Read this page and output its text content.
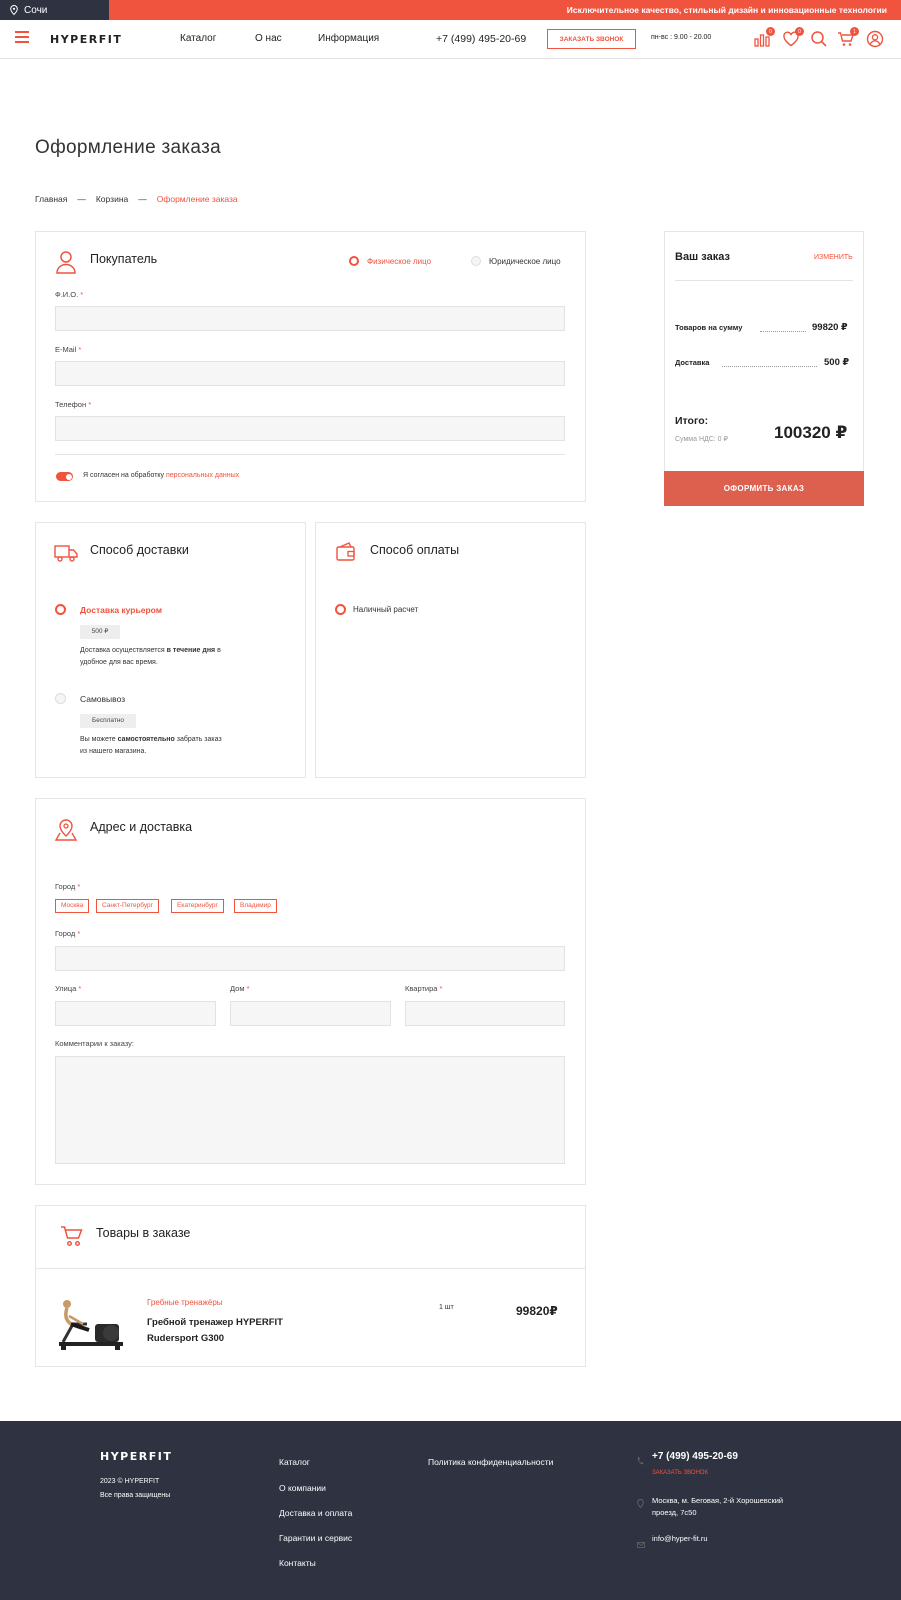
Сочи	Исключительное качество, стильный дизайн и инновационные технологии
HYPERFIT	Каталог	О нас	Информация	+7 (499) 495-20-69	ЗАКАЗАТЬ ЗВОНОК	пн-вс : 9.00 - 20.00
0	0	1
Оформление заказа
Главная — Корзина — Оформление заказа
Покупатель	Физическое лицо	Юридическое лицо
Ф.И.О. *
E-Mail *
Телефон *
Я согласен на обработку персональных данных
Способ доставки
Доставка курьером
500 ₽
Доставка осуществляется в течение дня в удобное для вас время.
Самовывоз
Бесплатно
Вы можете самостоятельно забрать заказ из нашего магазина.
Способ оплаты
Наличный расчет
Адрес и доставка
Город *
Москва	Санкт-Петербург	Екатеринбург	Владимир
Город *
Улица *	Дом *	Квартира *
Комментарии к заказу:
Товары в заказе
Гребные тренажёры
Гребной тренажер HYPERFIT
Rudersport G300
1 шт	99820₽
Ваш заказ	ИЗМЕНИТЬ
Товаров на сумму	99820 ₽
Доставка	500 ₽
Итого:
Сумма НДС: 0 ₽	100320 ₽
ОФОРМИТЬ ЗАКАЗ
HYPERFIT
2023 © HYPERFIT
Все права защищены
Каталог
О компании
Доставка и оплата
Гарантии и сервис
Контакты
Политика конфиденциальности	+7 (499) 495-20-69
ЗАКАЗАТЬ ЗВОНОК
Москва, м. Беговая, 2-й Хорошевский
проезд, 7с50
info@hyper-fit.ru
